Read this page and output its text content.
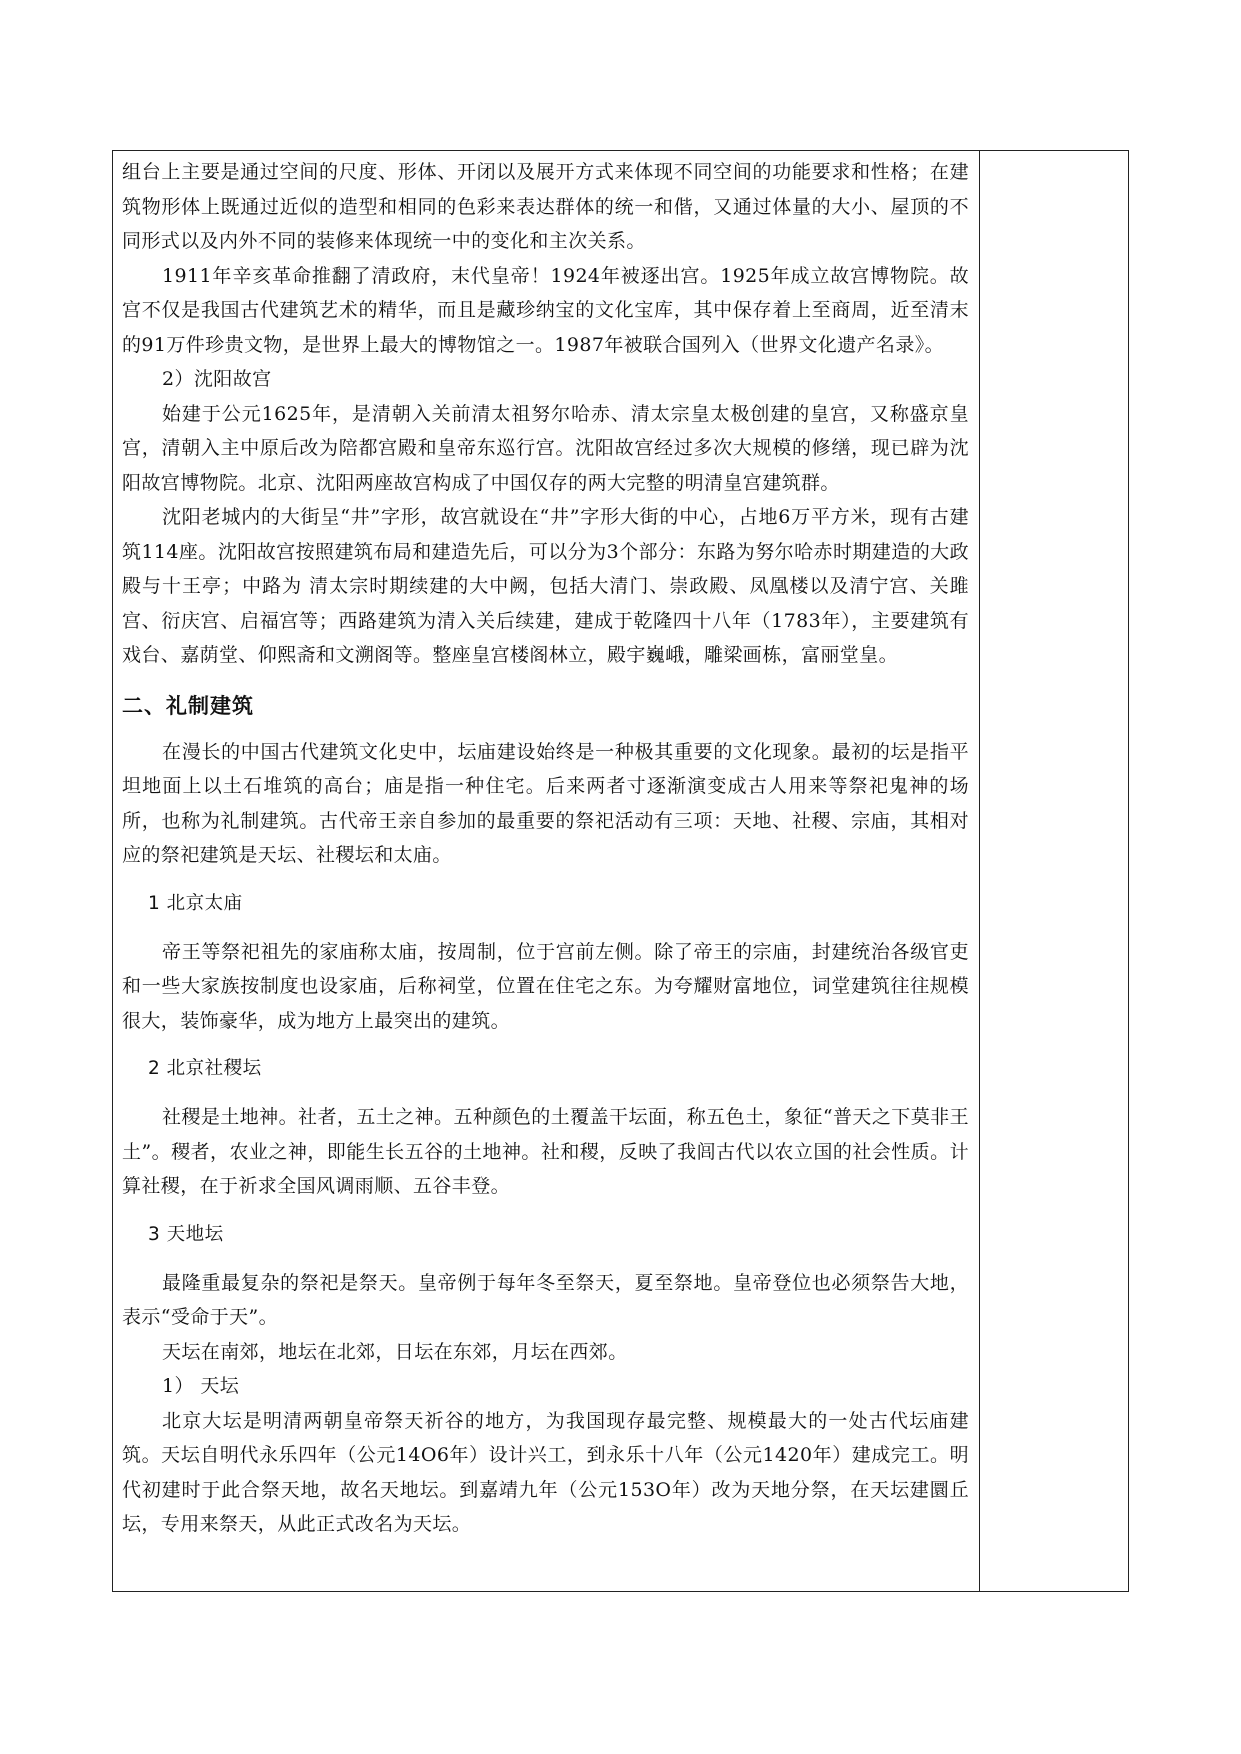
组台上主要是通过空间的尺度、形体、开闭以及展开方式来体现不同空间的功能要求和性格；在建筑物形体上既通过近似的造型和相同的色彩来表达群体的统一和偕，又通过体量的大小、屋顶的不同形式以及内外不同的装修来体现统一中的变化和主次关系。

1911年辛亥革命推翻了清政府，末代皇帝！1924年被逐出宫。1925年成立故宫博物院。故宫不仅是我国古代建筑艺术的精华，而且是藏珍纳宝的文化宝库，其中保存着上至商周，近至清末的91万件珍贵文物，是世界上最大的博物馆之一。1987年被联合国列入（世界文化遗产名录》。

2）沈阳故宫

始建于公元1625年，是清朝入关前清太祖努尔哈赤、清太宗皇太极创建的皇宫，又称盛京皇宫，清朝入主中原后改为陪都宫殿和皇帝东巡行宫。沈阳故宫经过多次大规模的修缮，现已辟为沈阳故宫博物院。北京、沈阳两座故宫构成了中国仅存的两大完整的明清皇宫建筑群。

沈阳老城内的大街呈“井”字形，故宫就设在“井”字形大街的中心，占地6万平方米，现有古建筑114座。沈阳故宫按照建筑布局和建造先后，可以分为3个部分：东路为努尔哈赤时期建造的大政殿与十王亭；中路为 清太宗时期续建的大中阙，包括大清门、崇政殿、凤凰楼以及清宁宫、关雎宫、衍庆宫、启福宫等；西路建筑为清入关后续建，建成于乾隆四十八年（1783年），主要建筑有戏台、嘉荫堂、仰熙斋和文溯阁等。整座皇宫楼阁林立，殿宇巍峨，雕梁画栋，富丽堂皇。

二、礼制建筑

在漫长的中国古代建筑文化史中，坛庙建设始终是一种极其重要的文化现象。最初的坛是指平坦地面上以土石堆筑的高台；庙是指一种住宅。后来两者寸逐渐演变成古人用来等祭祀鬼神的场所，也称为礼制建筑。古代帝王亲自参加的最重要的祭祀活动有三项：天地、社稷、宗庙，其相对应的祭祀建筑是天坛、社稷坛和太庙。

1 北京太庙

帝王等祭祀祖先的家庙称太庙，按周制，位于宫前左侧。除了帝王的宗庙，封建统治各级官吏和一些大家族按制度也设家庙，后称祠堂，位置在住宅之东。为夸耀财富地位，词堂建筑往往规模很大，装饰豪华，成为地方上最突出的建筑。

2 北京社稷坛

社稷是土地神。社者，五土之神。五种颜色的土覆盖干坛面，称五色土，象征“普天之下莫非王土”。稷者，农业之神，即能生长五谷的土地神。社和稷，反映了我闾古代以农立国的社会性质。计算社稷，在于祈求全国风调雨顺、五谷丰登。

3 天地坛

最隆重最复杂的祭祀是祭天。皇帝例于每年冬至祭天，夏至祭地。皇帝登位也必须祭告大地，表示“受命于天”。

天坛在南郊，地坛在北郊，日坛在东郊，月坛在西郊。

1） 天坛

北京大坛是明清两朝皇帝祭天祈谷的地方，为我国现存最完整、规模最大的一处古代坛庙建筑。天坛自明代永乐四年（公元14O6年）设计兴工，到永乐十八年（公元1420年）建成完工。明代初建时于此合祭天地，故名天地坛。到嘉靖九年（公元153O年）改为天地分祭，在天坛建圜丘坛，专用来祭天，从此正式改名为天坛。
